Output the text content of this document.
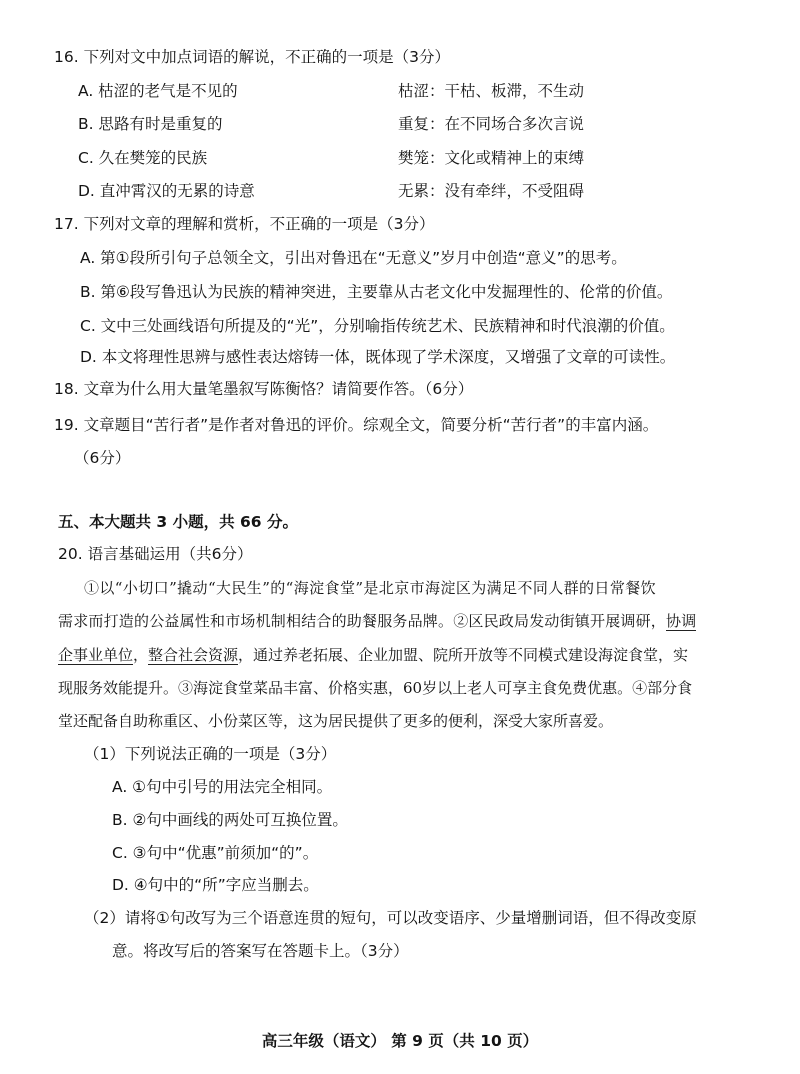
16. 下列对文中加点词语的解说，不正确的一项是（3分）
A. 枯涩的老气是不见的	枯涩：干枯、板滞，不生动
B. 思路有时是重复的	重复：在不同场合多次言说
C. 久在樊笼的民族	樊笼：文化或精神上的束缚
D. 直冲霄汉的无累的诗意	无累：没有牵绊，不受阻碍
17. 下列对文章的理解和赏析，不正确的一项是（3分）
A. 第①段所引句子总领全文，引出对鲁迅在“无意义”岁月中创造“意义”的思考。
B. 第⑥段写鲁迅认为民族的精神突进，主要靠从古老文化中发掘理性的、伦常的价值。
C. 文中三处画线语句所提及的“光”，分别喻指传统艺术、民族精神和时代浪潮的价值。
D. 本文将理性思辨与感性表达熔铸一体，既体现了学术深度，又增强了文章的可读性。
18. 文章为什么用大量笔墨叙写陈衡恪？请简要作答。（6分）
19. 文章题目“苦行者”是作者对鲁迅的评价。综观全文，简要分析“苦行者”的丰富内涵。
（6分）
五、本大题共 3 小题，共 66 分。
20. 语言基础运用（共6分）
①以“小切口”撬动“大民生”的“海淀食堂”是北京市海淀区为满足不同人群的日常餐饮
需求而打造的公益属性和市场机制相结合的助餐服务品牌。②区民政局发动街镇开展调研，协调
企事业单位，整合社会资源，通过养老拓展、企业加盟、院所开放等不同模式建设海淀食堂，实
现服务效能提升。③海淀食堂菜品丰富、价格实惠，60岁以上老人可享主食免费优惠。④部分食
堂还配备自助称重区、小份菜区等，这为居民提供了更多的便利，深受大家所喜爱。
（1）下列说法正确的一项是（3分）
A. ①句中引号的用法完全相同。
B. ②句中画线的两处可互换位置。
C. ③句中“优惠”前须加“的”。
D. ④句中的“所”字应当删去。
（2）请将①句改写为三个语意连贯的短句，可以改变语序、少量增删词语，但不得改变原
意。将改写后的答案写在答题卡上。（3分）
高三年级（语文） 第 9 页（共 10 页）
